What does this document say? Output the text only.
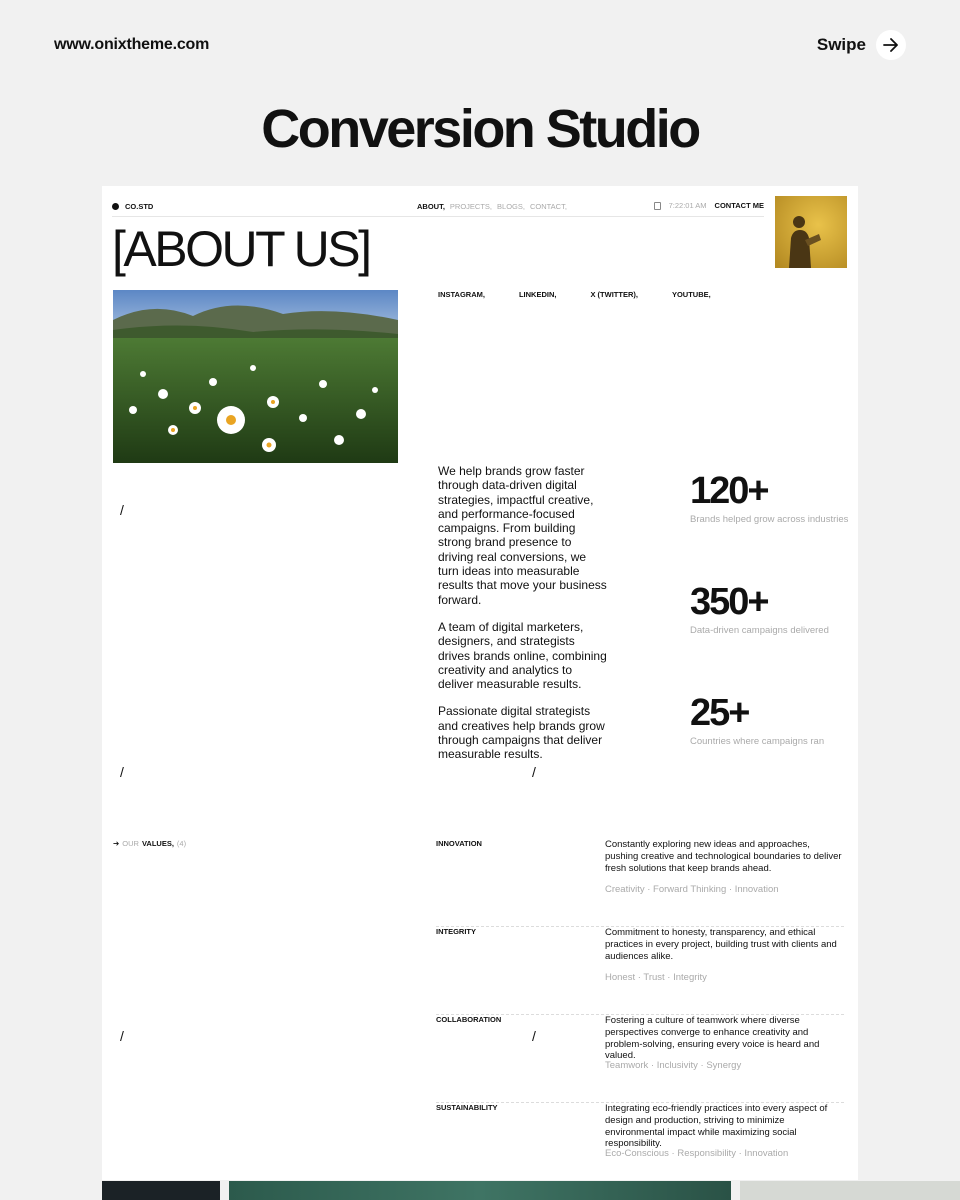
www.onixtheme.com	Swipe
Conversion Studio
CO.STD	ABOUT, PROJECTS, BLOGS, CONTACT,	7:22:01 AM CONTACT ME
[ABOUT US]
INSTAGRAM,	LINKEDIN,	X (TWITTER),	YOUTUBE,
/
/	/
/	/

We help brands grow faster through data-driven digital strategies, impactful creative, and performance-focused campaigns. From building strong brand presence to driving real conversions, we turn ideas into measurable results that move your business forward.

A team of digital marketers, designers, and strategists drives brands online, combining creativity and analytics to deliver measurable results.

Passionate digital strategists and creatives help brands grow through campaigns that deliver measurable results.

120+
Brands helped grow across industries
350+
Data-driven campaigns delivered
25+
Countries where campaigns ran
➔ OUR VALUES, (4)	INNOVATION	Constantly exploring new ideas and approaches, pushing creative and technological boundaries to deliver fresh solutions that keep brands ahead.
Creativity · Forward Thinking · Innovation
INTEGRITY	Commitment to honesty, transparency, and ethical practices in every project, building trust with clients and audiences alike.
Honest · Trust · Integrity
COLLABORATION	Fostering a culture of teamwork where diverse perspectives converge to enhance creativity and problem-solving, ensuring every voice is heard and valued.
Teamwork · Inclusivity · Synergy
SUSTAINABILITY	Integrating eco-friendly practices into every aspect of design and production, striving to minimize environmental impact while maximizing social responsibility.
Eco-Conscious · Responsibility · Innovation
